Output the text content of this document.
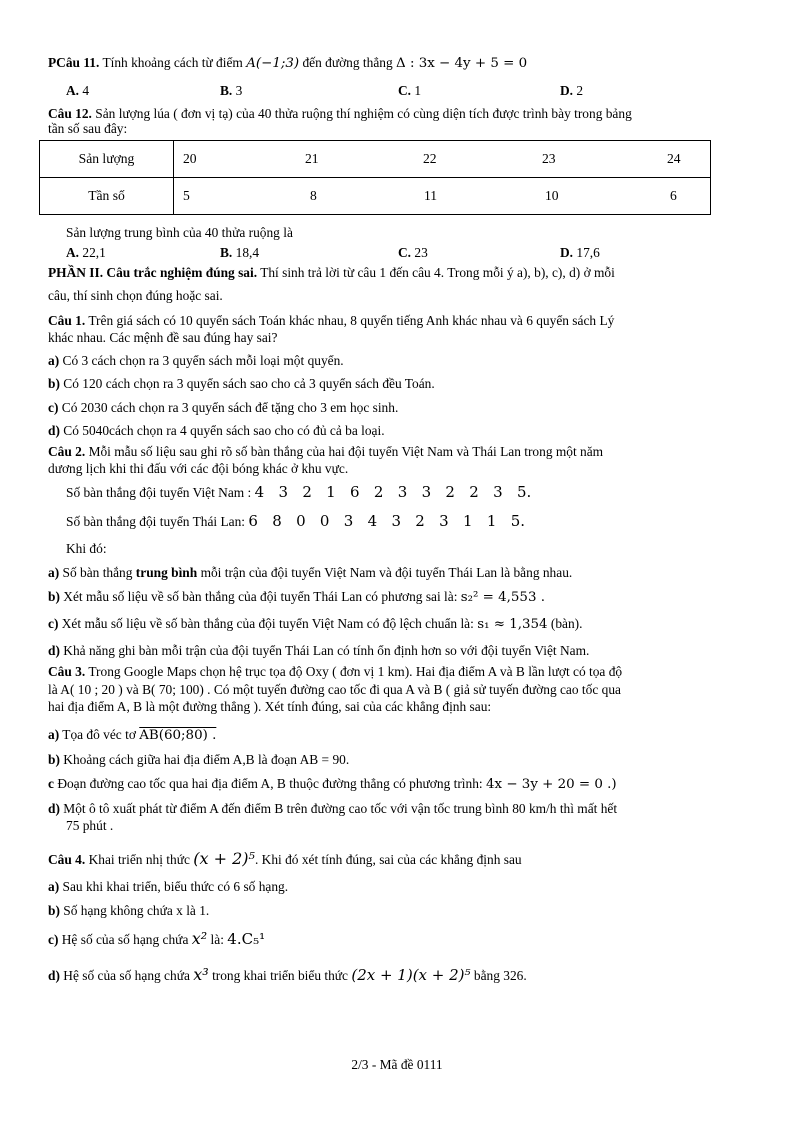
PCâu 11. Tính khoảng cách từ điểm A(−1;3) đến đường thẳng Δ : 3x − 4y + 5 = 0
A. 4	B. 3	C. 1	D. 2
Câu 12. Sản lượng lúa ( đơn vị tạ) của 40 thửa ruộng thí nghiệm có cùng diện tích được trình bày trong bảng
tần số sau đây:
Sản lượng	20 21 22 23 24

Tần số	5 8 11 10 6
Sản lượng trung bình của 40 thửa ruộng là
A. 22,1	B. 18,4	C. 23	D. 17,6
PHẦN II. Câu trắc nghiệm đúng sai. Thí sinh trả lời từ câu 1 đến câu 4. Trong mỗi ý a), b), c), d) ở mỗi
câu, thí sinh chọn đúng hoặc sai.
Câu 1. Trên giá sách có 10 quyển sách Toán khác nhau, 8 quyển tiếng Anh khác nhau và 6 quyển sách Lý
khác nhau. Các mệnh đề sau đúng hay sai?
a) Có 3 cách chọn ra 3 quyển sách mỗi loại một quyển.
b) Có 120 cách chọn ra 3 quyển sách sao cho cả 3 quyển sách đều Toán.
c) Có 2030 cách chọn ra 3 quyển sách để tặng cho 3 em học sinh.
d) Có 5040cách chọn ra 4 quyển sách sao cho có đủ cả ba loại.
Câu 2. Mỗi mẫu số liệu sau ghi rõ số bàn thắng của hai đội tuyển Việt Nam và Thái Lan trong một năm
dương lịch khi thi đấu với các đội bóng khác ở khu vực.
Số bàn thắng đội tuyển Việt Nam : 4   3   2   1   6   2   3   3   2   2   3   5.
Số bàn thắng đội tuyển Thái Lan: 6   8   0   0   3   4   3   2   3   1   1   5.
Khi đó:
a) Số bàn thắng trung bình mỗi trận của đội tuyển Việt Nam và đội tuyển Thái Lan là bằng nhau.
b) Xét mẫu số liệu về số bàn thắng của đội tuyển Thái Lan có phương sai là: s₂² = 4,553 .
c) Xét mẫu số liệu về số bàn thắng của đội tuyển Việt Nam có độ lệch chuẩn là: s₁ ≈ 1,354 (bàn).
d) Khả năng ghi bàn mỗi trận của đội tuyển Thái Lan có tính ổn định hơn so với đội tuyển Việt Nam.
Câu 3. Trong Google Maps chọn hệ trục tọa độ Oxy ( đơn vị 1 km). Hai địa điểm A và B lần lượt có tọa độ
là A( 10 ; 20 ) và B( 70; 100) . Có một tuyến đường cao tốc đi qua A và B ( giả sử tuyến đường cao tốc qua
hai địa điểm A, B là một đường thẳng ). Xét tính đúng, sai của các khẳng định sau:
a) Tọa đô véc tơ AB(60;80) .
b) Khoảng cách giữa hai địa điểm A,B là đoạn AB = 90.
c Đoạn đường cao tốc qua hai địa điểm A, B thuộc đường thẳng có phương trình: 4x − 3y + 20 = 0 .)
d) Một ô tô xuất phát từ điểm A đến điểm B trên đường cao tốc với vận tốc trung bình 80 km/h thì mất hết
75 phút .
Câu 4. Khai triển nhị thức (x + 2)⁵. Khi đó xét tính đúng, sai của các khẳng định sau
a) Sau khi khai triển, biểu thức có 6 số hạng.
b) Số hạng không chứa x là 1.
c) Hệ số của số hạng chứa x² là: 4.C₅¹
d) Hệ số của số hạng chứa x³ trong khai triển biểu thức (2x + 1)(x + 2)⁵ bằng 326.
2/3 - Mã đề 0111
